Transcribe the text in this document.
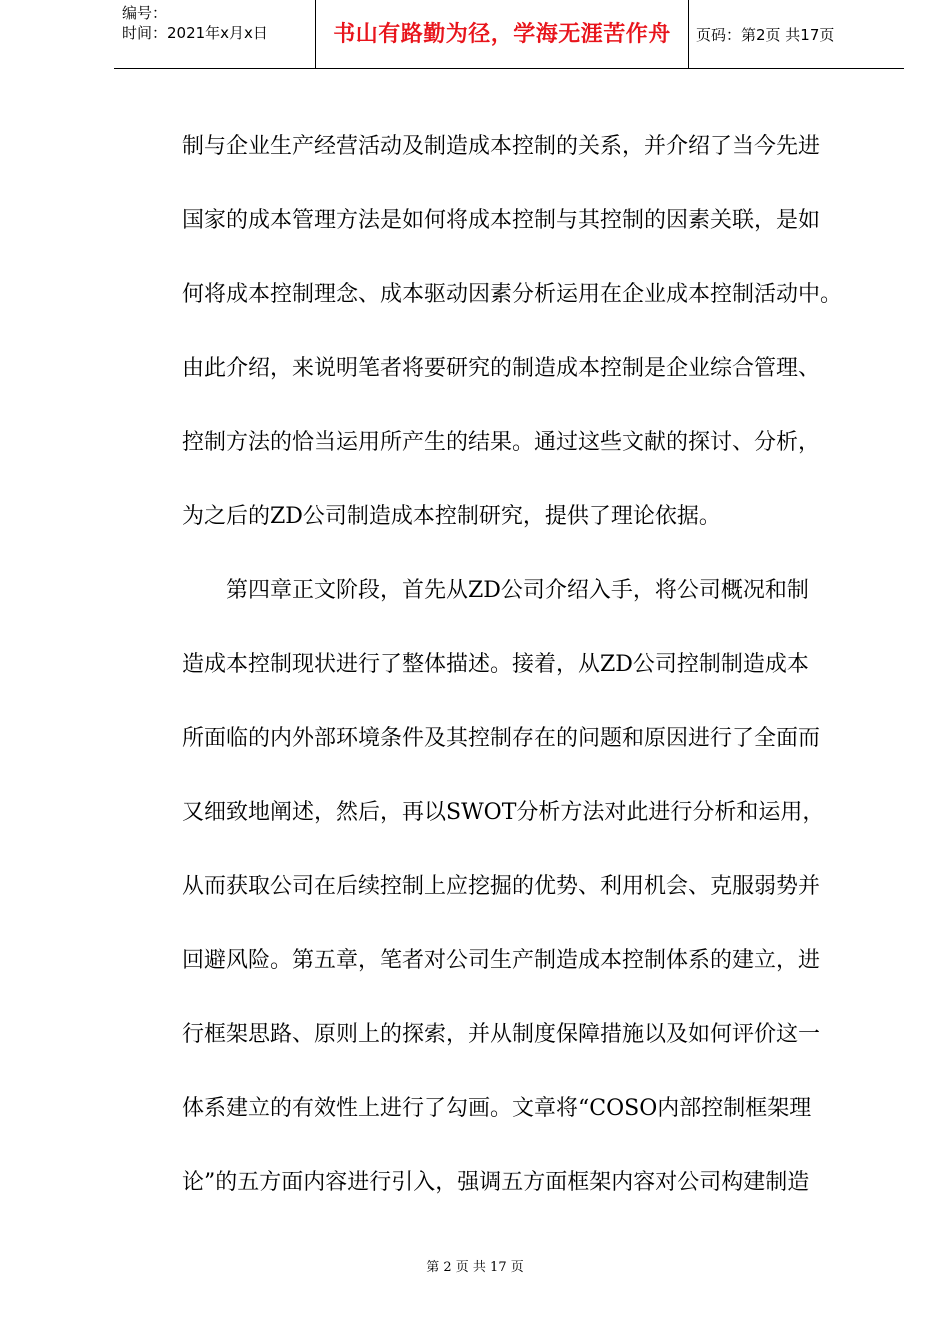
编号：
时间：2021年x月x日	书山有路勤为径，学海无涯苦作舟	页码：第2页 共17页

制与企业生产经营活动及制造成本控制的关系，并介绍了当今先进

国家的成本管理方法是如何将成本控制与其控制的因素关联，是如

何将成本控制理念、成本驱动因素分析运用在企业成本控制活动中。

由此介绍，来说明笔者将要研究的制造成本控制是企业综合管理、

控制方法的恰当运用所产生的结果。通过这些文献的探讨、分析，

为之后的ZD公司制造成本控制研究，提供了理论依据。

第四章正文阶段，首先从ZD公司介绍入手，将公司概况和制

造成本控制现状进行了整体描述。接着，从ZD公司控制制造成本

所面临的内外部环境条件及其控制存在的问题和原因进行了全面而

又细致地阐述，然后，再以SWOT分析方法对此进行分析和运用，

从而获取公司在后续控制上应挖掘的优势、利用机会、克服弱势并

回避风险。第五章，笔者对公司生产制造成本控制体系的建立，进

行框架思路、原则上的探索，并从制度保障措施以及如何评价这一

体系建立的有效性上进行了勾画。文章将“COSO内部控制框架理

论”的五方面内容进行引入，强调五方面框架内容对公司构建制造

第 2 页 共 17 页
